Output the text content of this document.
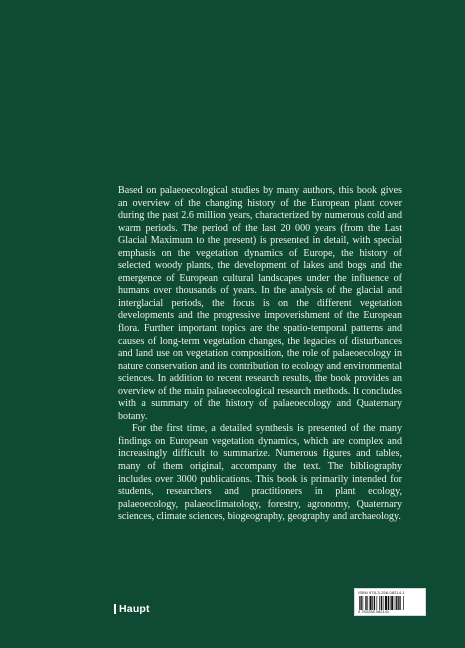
Based on palaeoecological studies by many authors, this book gives an overview of the changing history of the European plant cover during the past 2.6 million years, characterized by numerous cold and warm periods. The period of the last 20 000 years (from the Last Glacial Maximum to the present) is presented in detail, with special emphasis on the vegetation dynamics of Europe, the history of selected woody plants, the development of lakes and bogs and the emergence of European cultural landscapes under the influence of humans over thousands of years. In the analysis of the glacial and interglacial periods, the focus is on the different vegetation developments and the progressive impoverishment of the European flora. Further important topics are the spatio-temporal patterns and causes of long-term vegetation changes, the legacies of disturbances and land use on vegetation composition, the role of palaeoecology in nature conservation and its contribution to ecology and environmental sciences. In addition to recent research results, the book provides an overview of the main palaeoecological research methods. It concludes with a summary of the history of palaeoecology and Quaternary botany.

For the first time, a detailed synthesis is presented of the many findings on European vegetation dynamics, which are complex and increasingly difficult to summarize. Numerous figures and tables, many of them original, accompany the text. The bibliography includes over 3000 publications. This book is primarily intended for students, researchers and practitioners in plant ecology, palaeoecology, palaeoclimatology, forestry, agronomy, Quaternary sciences, climate sciences, biogeography, geography and archaeology.

Haupt
ISBN 978-3-258-08214-1
9 783258 082141
